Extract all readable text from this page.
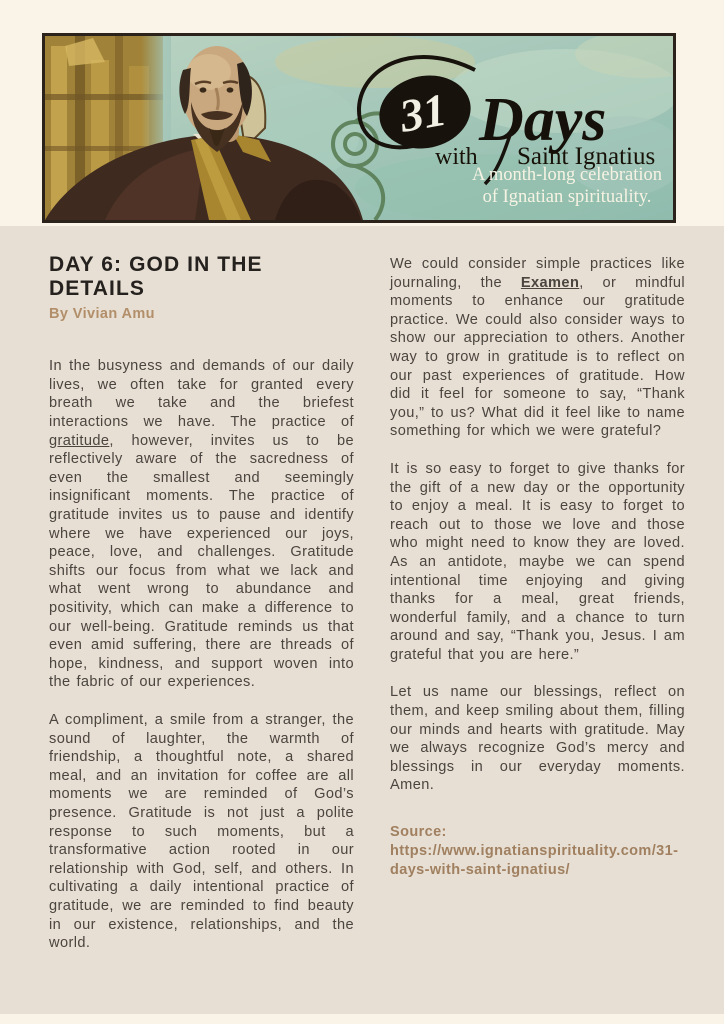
31 Days
with Saint Ignatius
A month-long celebration
of Ignatian spirituality.
DAY 6: GOD IN THE DETAILS
By Vivian Amu

In the busyness and demands of our daily lives, we often take for granted every breath we take and the briefest interactions we have. The practice of gratitude, however, invites us to be reflectively aware of the sacredness of even the smallest and seemingly insignificant moments. The practice of gratitude invites us to pause and identify where we have experienced our joys, peace, love, and challenges. Gratitude shifts our focus from what we lack and what went wrong to abundance and positivity, which can make a difference to our well-being. Gratitude reminds us that even amid suffering, there are threads of hope, kindness, and support woven into the fabric of our experiences.

A compliment, a smile from a stranger, the sound of laughter, the warmth of friendship, a thoughtful note, a shared meal, and an invitation for coffee are all moments we are reminded of God’s presence. Gratitude is not just a polite response to such moments, but a transformative action rooted in our relationship with God, self, and others. In cultivating a daily intentional practice of gratitude, we are reminded to find beauty in our existence, relationships, and the world.

We could consider simple practices like journaling, the Examen, or mindful moments to enhance our gratitude practice. We could also consider ways to show our appreciation to others. Another way to grow in gratitude is to reflect on our past experiences of gratitude. How did it feel for someone to say, “Thank you,” to us? What did it feel like to name something for which we were grateful?

It is so easy to forget to give thanks for the gift of a new day or the opportunity to enjoy a meal. It is easy to forget to reach out to those we love and those who might need to know they are loved. As an antidote, maybe we can spend intentional time enjoying and giving thanks for a meal, great friends, wonderful family, and a chance to turn around and say, “Thank you, Jesus. I am grateful that you are here.”

Let us name our blessings, reflect on them, and keep smiling about them, filling our minds and hearts with gratitude. May we always recognize God’s mercy and blessings in our everyday moments. Amen.

Source:
https://www.ignatianspirituality.com/31-days-with-saint-ignatius/
